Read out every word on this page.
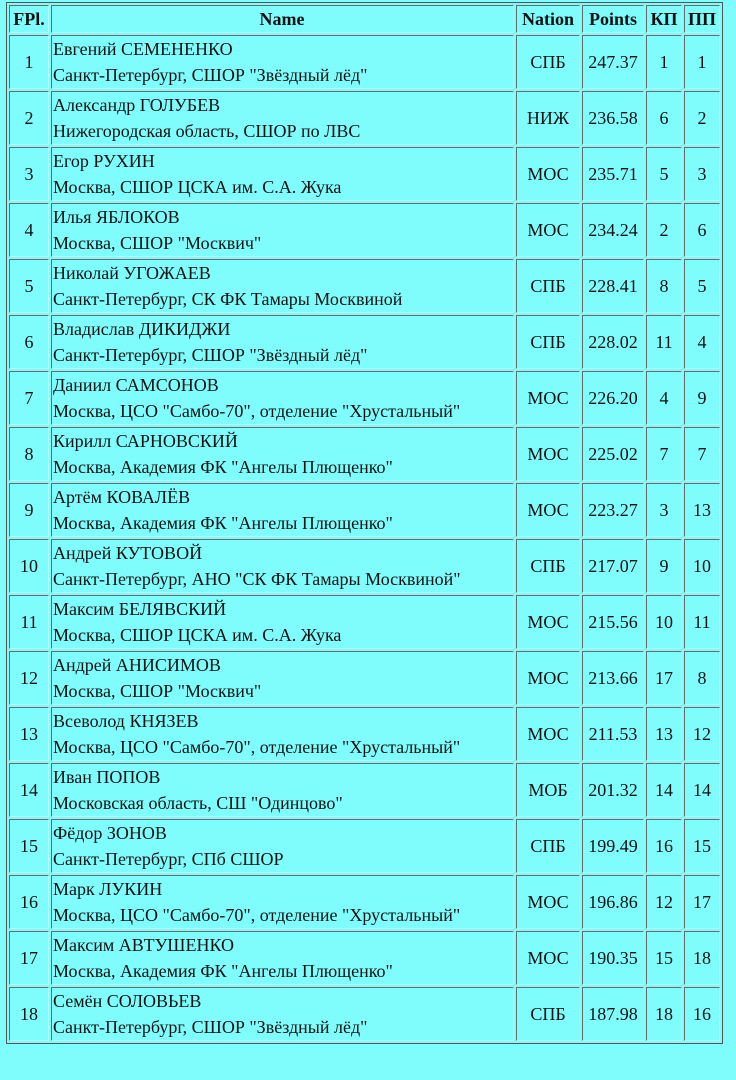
FPl.	Name	Nation	Points	КП	ПП
1	Евгений СЕМЕНЕНКО
Санкт-Петербург, СШОР "Звёздный лёд"	СПБ	247.37	1	1
2	Александр ГОЛУБЕВ
Нижегородская область, СШОР по ЛВС	НИЖ	236.58	6	2
3	Егор РУХИН
Москва, СШОР ЦСКА им. С.А. Жука	МОС	235.71	5	3
4	Илья ЯБЛОКОВ
Москва, СШОР "Москвич"	МОС	234.24	2	6
5	Николай УГОЖАЕВ
Санкт-Петербург, СК ФК Тамары Москвиной	СПБ	228.41	8	5
6	Владислав ДИКИДЖИ
Санкт-Петербург, СШОР "Звёздный лёд"	СПБ	228.02	11	4
7	Даниил САМСОНОВ
Москва, ЦСО "Самбо-70", отделение "Хрустальный"	МОС	226.20	4	9
8	Кирилл САРНОВСКИЙ
Москва, Академия ФК "Ангелы Плющенко"	МОС	225.02	7	7
9	Артём КОВАЛЁВ
Москва, Академия ФК "Ангелы Плющенко"	МОС	223.27	3	13
10	Андрей КУТОВОЙ
Санкт-Петербург, АНО "СК ФК Тамары Москвиной"	СПБ	217.07	9	10
11	Максим БЕЛЯВСКИЙ
Москва, СШОР ЦСКА им. С.А. Жука	МОС	215.56	10	11
12	Андрей АНИСИМОВ
Москва, СШОР "Москвич"	МОС	213.66	17	8
13	Всеволод КНЯЗЕВ
Москва, ЦСО "Самбо-70", отделение "Хрустальный"	МОС	211.53	13	12
14	Иван ПОПОВ
Московская область, СШ "Одинцово"	МОБ	201.32	14	14
15	Фёдор ЗОНОВ
Санкт-Петербург, СПб СШОР	СПБ	199.49	16	15
16	Марк ЛУКИН
Москва, ЦСО "Самбо-70", отделение "Хрустальный"	МОС	196.86	12	17
17	Максим АВТУШЕНКО
Москва, Академия ФК "Ангелы Плющенко"	МОС	190.35	15	18
18	Семён СОЛОВЬЕВ
Санкт-Петербург, СШОР "Звёздный лёд"	СПБ	187.98	18	16
